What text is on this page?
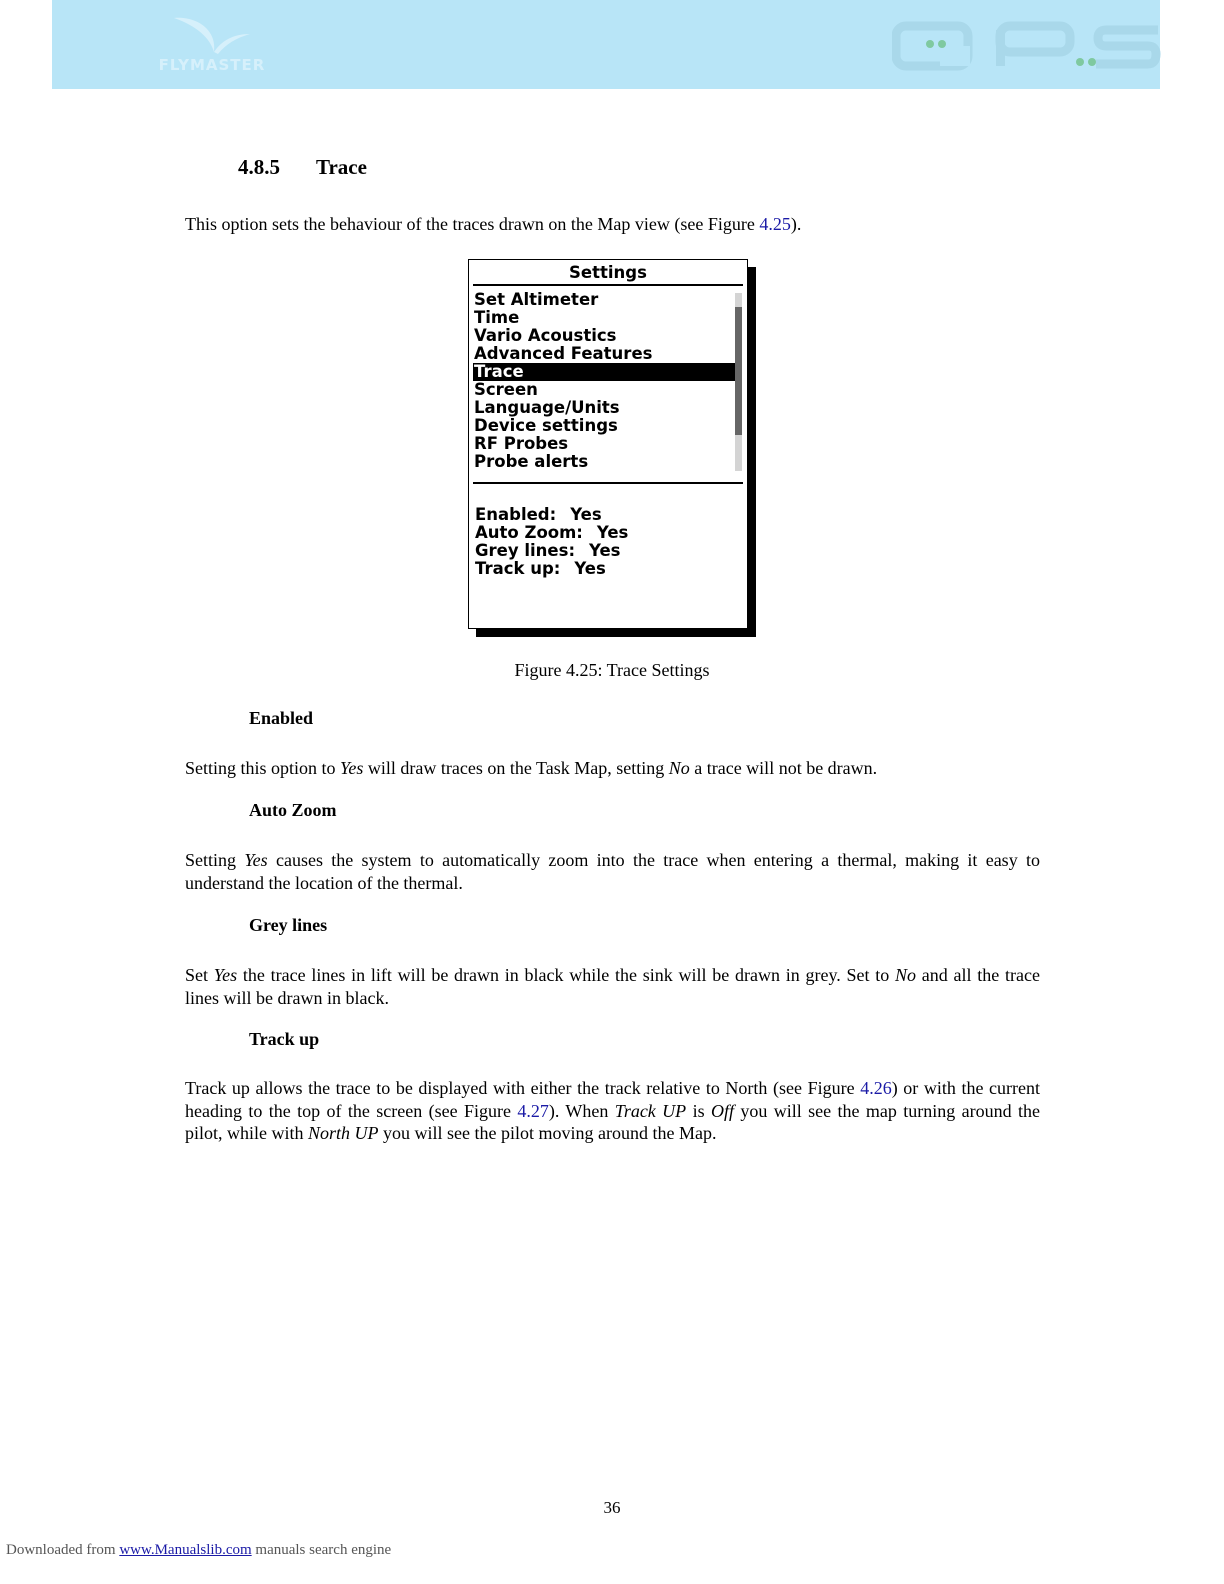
FLYMASTER
4.8.5 Trace
This option sets the behaviour of the traces drawn on the Map view (see Figure 4.25).
Settings
Set Altimeter
Time
Vario Acoustics
Advanced Features
Trace
Screen
Language/Units
Device settings
RF Probes
Probe alerts
Enabled: Yes
Auto Zoom: Yes
Grey lines: Yes
Track up: Yes
Figure 4.25: Trace Settings
Enabled
Setting this option to Yes will draw traces on the Task Map, setting No a trace will not be drawn.
Auto Zoom
Setting Yes causes the system to automatically zoom into the trace when entering a thermal, making it easy to understand the location of the thermal.
Grey lines
Set Yes the trace lines in lift will be drawn in black while the sink will be drawn in grey. Set to No and all the trace lines will be drawn in black.
Track up
Track up allows the trace to be displayed with either the track relative to North (see Figure 4.26) or with the current heading to the top of the screen (see Figure 4.27). When Track UP is Off you will see the map turning around the pilot, while with North UP you will see the pilot moving around the Map.
36
Downloaded from www.Manualslib.com manuals search engine
